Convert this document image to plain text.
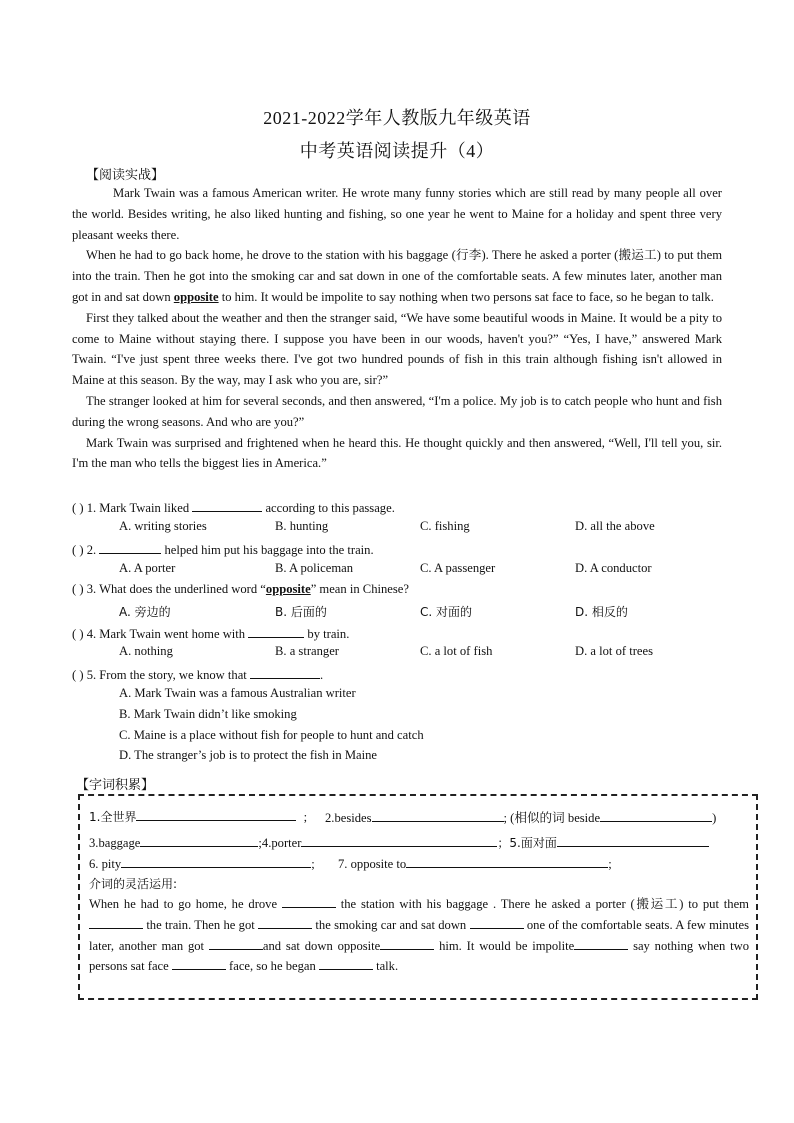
2021-2022学年人教版九年级英语
中考英语阅读提升（4）
【阅读实战】

Mark Twain was a famous American writer. He wrote many funny stories which are still read by many people all over the world. Besides writing, he also liked hunting and fishing, so one year he went to Maine for a holiday and spent three very pleasant weeks there.

When he had to go back home, he drove to the station with his baggage (行李). There he asked a porter (搬运工) to put them into the train. Then he got into the smoking car and sat down in one of the comfortable seats. A few minutes later, another man got in and sat down opposite to him. It would be impolite to say nothing when two persons sat face to face, so he began to talk.

First they talked about the weather and then the stranger said, “We have some beautiful woods in Maine. It would be a pity to come to Maine without staying there. I suppose you have been in our woods, haven't you?” “Yes, I have,” answered Mark Twain. “I've just spent three weeks there. I've got two hundred pounds of fish in this train although fishing isn't allowed in Maine at this season. By the way, may I ask who you are, sir?”

The stranger looked at him for several seconds, and then answered, “I'm a police. My job is to catch people who hunt and fish during the wrong seasons. And who are you?”

Mark Twain was surprised and frightened when he heard this. He thought quickly and then answered, “Well, I'll tell you, sir. I'm the man who tells the biggest lies in America.”

( ) 1. Mark Twain liked	according to this passage.
A. writing stories	B. hunting	C. fishing	D. all the above
( ) 2.	helped him put his baggage into the train.
A. A porter	B. A policeman	C. A passenger	D. A conductor
( ) 3. What does the underlined word “opposite” mean in Chinese?
A. 旁边的	B. 后面的	C. 对面的	D. 相反的
( ) 4. Mark Twain went home with	by train.
A. nothing	B. a stranger	C. a lot of fish	D. a lot of trees
( ) 5. From the story, we know that	.
A. Mark Twain was a famous Australian writer
B. Mark Twain didn’t like smoking
C. Maine is a place without fish for people to hunt and catch
D. The stranger’s job is to protect the fish in Maine
【字词积累】
1.全世界	; 2.besides	; (相似的词 beside	)
3.baggage	;4.porter	；5.面对面
6. pity	; 7. opposite to	;
介词的灵活运用:
When he had to go home, he drove	the station with his baggage . There he asked a porter (搬运工) to put them  the train. Then he got	the smoking car and sat down	one of the comfortable seats. A few minutes later, another man got	and sat down opposite	him. It would be impolite	say nothing when two persons sat face	face, so he began	talk.
